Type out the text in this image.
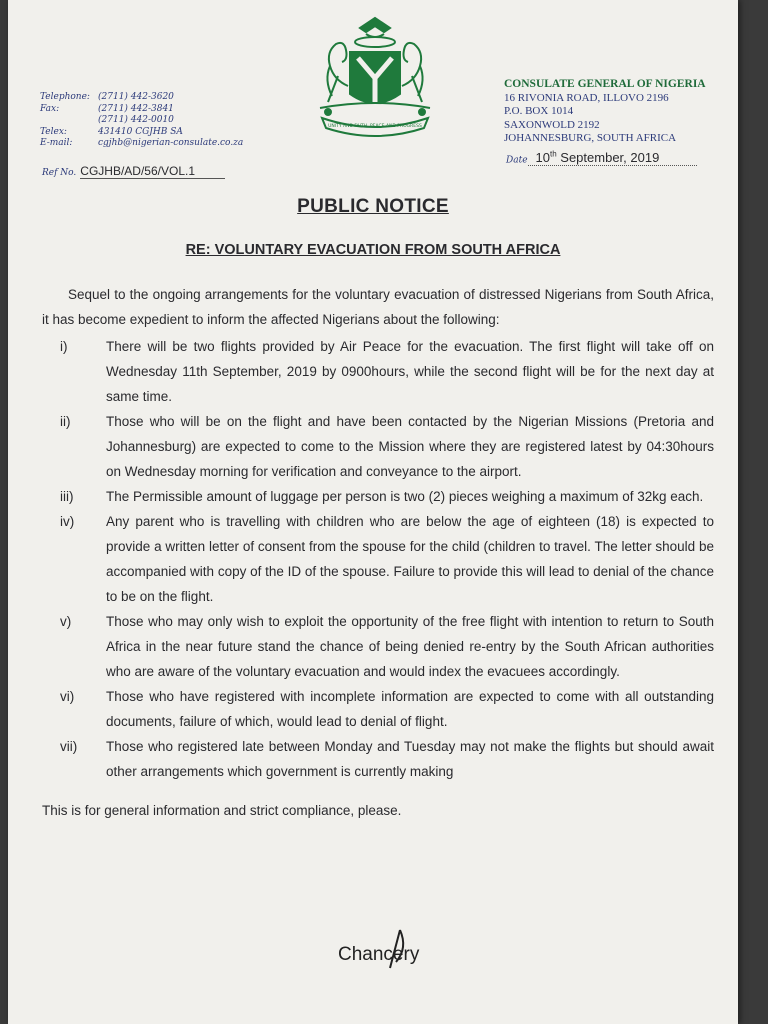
UNITY AND FAITH, PEACE AND PROGRESS
Telephone: (2711) 442-3620
Fax:	(2711) 442-3841
(2711) 442-0010
Telex:	431410 CGJHB SA
E-mail:	cgjhb@nigerian-consulate.co.za
Ref No. CGJHB/AD/56/VOL.1
CONSULATE GENERAL OF NIGERIA
16 RIVONIA ROAD, ILLOVO 2196
P.O. BOX 1014
SAXONWOLD 2192
JOHANNESBURG, SOUTH AFRICA
Date 10th September, 2019
PUBLIC NOTICE
RE: VOLUNTARY EVACUATION FROM SOUTH AFRICA

Sequel to the ongoing arrangements for the voluntary evacuation of distressed Nigerians from South Africa, it has become expedient to inform the affected Nigerians about the following:

i)	There will be two flights provided by Air Peace for the evacuation. The first flight will take off on Wednesday 11th September, 2019 by 0900hours, while the second flight will be for the next day at same time.
ii)	Those who will be on the flight and have been contacted by the Nigerian Missions (Pretoria and Johannesburg) are expected to come to the Mission where they are registered latest by 04:30hours on Wednesday morning for verification and conveyance to the airport.
iii)	The Permissible amount of luggage per person is two (2) pieces weighing a maximum of 32kg each.
iv)	Any parent who is travelling with children who are below the age of eighteen (18) is expected to provide a written letter of consent from the spouse for the child (children to travel. The letter should be accompanied with copy of the ID of the spouse. Failure to provide this will lead to denial of the chance to be on the flight.
v)	Those who may only wish to exploit the opportunity of the free flight with intention to return to South Africa in the near future stand the chance of being denied re-entry by the South African authorities who are aware of the voluntary evacuation and would index the evacuees accordingly.
vi)	Those who have registered with incomplete information are expected to come with all outstanding documents, failure of which, would lead to denial of flight.
vii)	Those who registered late between Monday and Tuesday may not make the flights but should await other arrangements which government is currently making

This is for general information and strict compliance, please.

Chancery
